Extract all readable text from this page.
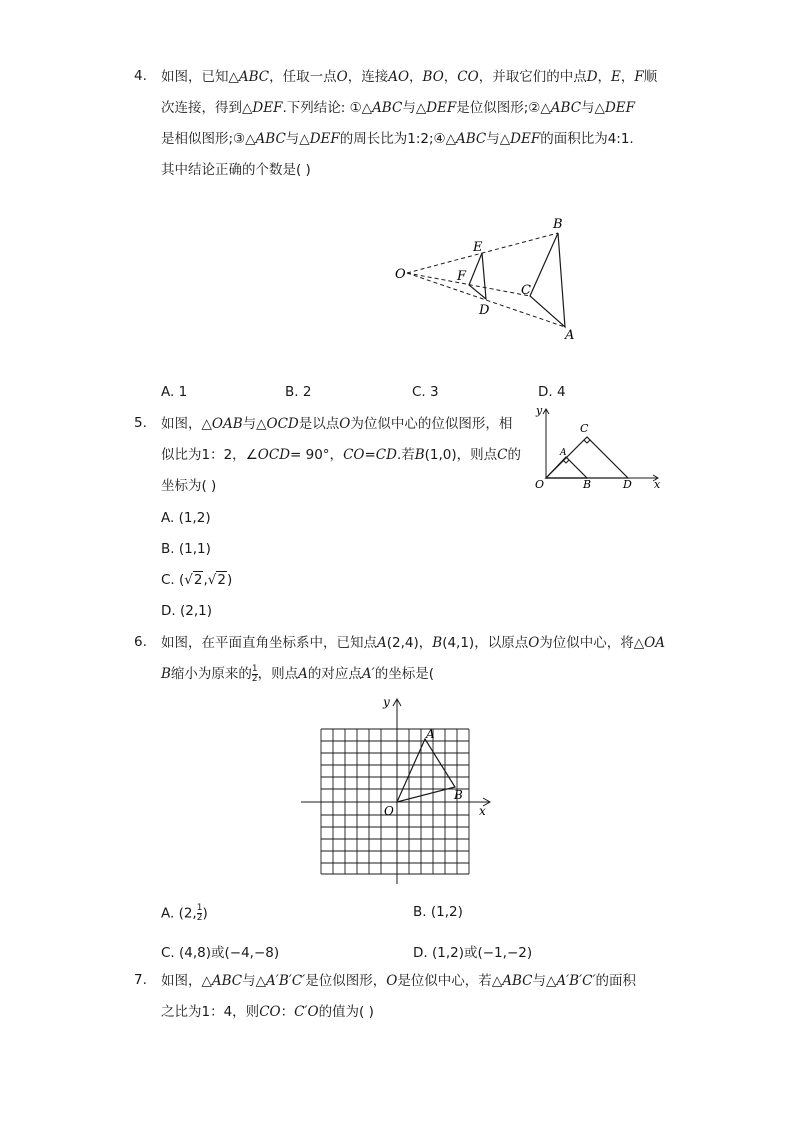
4.	如图，已知△ABC，任取一点O，连接AO，BO，CO，并取它们的中点D，E，F顺
次连接，得到△DEF.下列结论: ①△ABC与△DEF是位似图形;②△ABC与△DEF
是相似图形;③△ABC与△DEF的周长比为1:2;④△ABC与△DEF的面积比为4:1.
其中结论正确的个数是( )
O
E
F
D
B
C
A
A. 1	B. 2	C. 3	D. 4
5.	如图，△OAB与△OCD是以点O为位似中心的位似图形，相
似比为1：2，∠OCD= 90°，CO=CD.若B(1,0)，则点C的
坐标为( )
y
C
A
O	B	D x
A. (1,2)
B. (1,1)
C. (√2,√2)
D. (2,1)
6.	如图，在平面直角坐标系中，已知点A(2,4)，B(4,1)，以原点O为位似中心，将△OA
B缩小为原来的 $\frac{1}{2}$ ，则点A的对应点A′的坐标是(
y
A
B
O	x
A. (2, $\frac{1}{2}$ )	B. (1,2)
C. (4,8)或(−4,−8)	D. (1,2)或(−1,−2)
7.	如图，△ABC与△A′B′C′是位似图形，O是位似中心，若△ABC与△A′B′C′的面积
之比为1：4，则CO：C′O的值为( )
